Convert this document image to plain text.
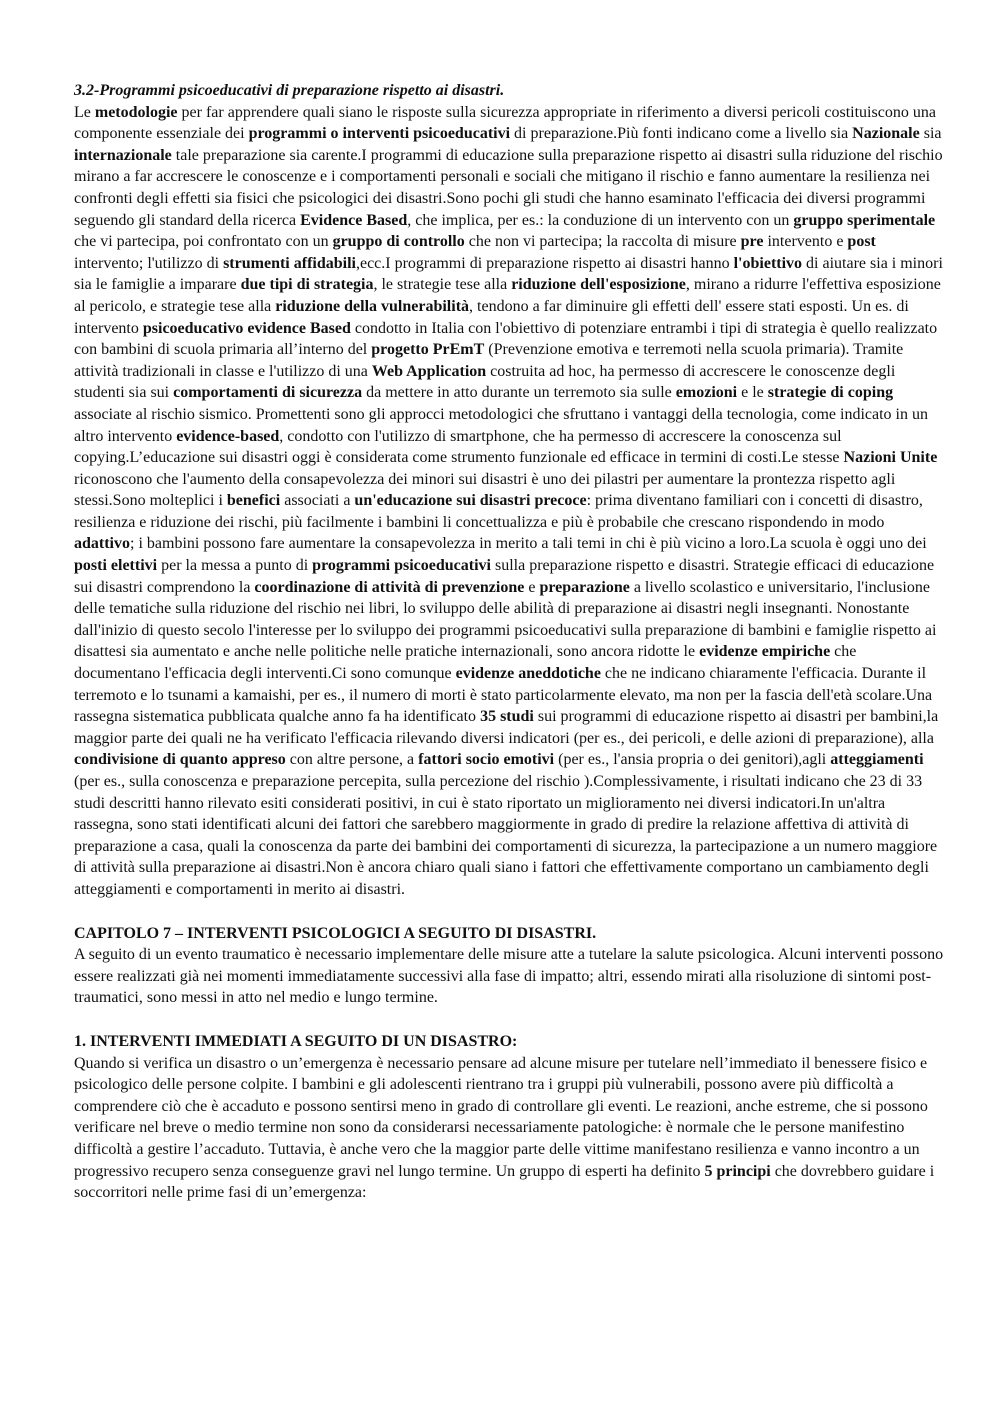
3.2-Programmi psicoeducativi di preparazione rispetto ai disastri.

Le metodologie per far apprendere quali siano le risposte sulla sicurezza appropriate in riferimento a diversi pericoli costituiscono una componente essenziale dei programmi o interventi psicoeducativi di preparazione.Più fonti indicano come a livello sia Nazionale sia internazionale tale preparazione sia carente.I programmi di educazione sulla preparazione rispetto ai disastri sulla riduzione del rischio mirano a far accrescere le conoscenze e i comportamenti personali e sociali che mitigano il rischio e fanno aumentare la resilienza nei confronti degli effetti sia fisici che psicologici dei disastri.Sono pochi gli studi che hanno esaminato l'efficacia dei diversi programmi seguendo gli standard della ricerca Evidence Based, che implica, per es.: la conduzione di un intervento con un gruppo sperimentale che vi partecipa, poi confrontato con un gruppo di controllo che non vi partecipa; la raccolta di misure pre intervento e post intervento; l'utilizzo di strumenti affidabili,ecc.I programmi di preparazione rispetto ai disastri hanno l'obiettivo di aiutare sia i minori sia le famiglie a imparare due tipi di strategia, le strategie tese alla riduzione dell'esposizione, mirano a ridurre l'effettiva esposizione al pericolo, e strategie tese alla riduzione della vulnerabilità, tendono a far diminuire gli effetti dell' essere stati esposti. Un es. di intervento psicoeducativo evidence Based condotto in Italia con l'obiettivo di potenziare entrambi i tipi di strategia è quello realizzato con bambini di scuola primaria all’interno del progetto PrEmT (Prevenzione emotiva e terremoti nella scuola primaria). Tramite attività tradizionali in classe e l'utilizzo di una Web Application costruita ad hoc, ha permesso di accrescere le conoscenze degli studenti sia sui comportamenti di sicurezza da mettere in atto durante un terremoto sia sulle emozioni e le strategie di coping associate al rischio sismico. Promettenti sono gli approcci metodologici che sfruttano i vantaggi della tecnologia, come indicato in un altro intervento evidence-based, condotto con l'utilizzo di smartphone, che ha permesso di accrescere la conoscenza sul copying.L’educazione sui disastri oggi è considerata come strumento funzionale ed efficace in termini di costi.Le stesse Nazioni Unite riconoscono che l'aumento della consapevolezza dei minori sui disastri è uno dei pilastri per aumentare la prontezza rispetto agli stessi.Sono molteplici i benefici associati a un'educazione sui disastri precoce: prima diventano familiari con i concetti di disastro, resilienza e riduzione dei rischi, più facilmente i bambini li concettualizza e più è probabile che crescano rispondendo in modo adattivo; i bambini possono fare aumentare la consapevolezza in merito a tali temi in chi è più vicino a loro.La scuola è oggi uno dei posti elettivi per la messa a punto di programmi psicoeducativi sulla preparazione rispetto e disastri. Strategie efficaci di educazione sui disastri comprendono la coordinazione di attività di prevenzione e preparazione a livello scolastico e universitario, l'inclusione delle tematiche sulla riduzione del rischio nei libri, lo sviluppo delle abilità di preparazione ai disastri negli insegnanti. Nonostante dall'inizio di questo secolo l'interesse per lo sviluppo dei programmi psicoeducativi sulla preparazione di bambini e famiglie rispetto ai disattesi sia aumentato e anche nelle politiche nelle pratiche internazionali, sono ancora ridotte le evidenze empiriche che documentano l'efficacia degli interventi.Ci sono comunque evidenze aneddotiche che ne indicano chiaramente l'efficacia. Durante il terremoto e lo tsunami a kamaishi, per es., il numero di morti è stato particolarmente elevato, ma non per la fascia dell'età scolare.Una rassegna sistematica pubblicata qualche anno fa ha identificato 35 studi sui programmi di educazione rispetto ai disastri per bambini,la maggior parte dei quali ne ha verificato l'efficacia rilevando diversi indicatori (per es., dei pericoli, e delle azioni di preparazione), alla condivisione di quanto appreso con altre persone, a fattori socio emotivi (per es., l'ansia propria o dei genitori),agli atteggiamenti (per es., sulla conoscenza e preparazione percepita, sulla percezione del rischio ).Complessivamente, i risultati indicano che 23 di 33 studi descritti hanno rilevato esiti considerati positivi, in cui è stato riportato un miglioramento nei diversi indicatori.In un'altra rassegna, sono stati identificati alcuni dei fattori che sarebbero maggiormente in grado di predire la relazione affettiva di attività di preparazione a casa, quali la conoscenza da parte dei bambini dei comportamenti di sicurezza, la partecipazione a un numero maggiore di attività sulla preparazione ai disastri.Non è ancora chiaro quali siano i fattori che effettivamente comportano un cambiamento degli atteggiamenti e comportamenti in merito ai disastri.

CAPITOLO 7 – INTERVENTI PSICOLOGICI A SEGUITO DI DISASTRI.

A seguito di un evento traumatico è necessario implementare delle misure atte a tutelare la salute psicologica. Alcuni interventi possono essere realizzati già nei momenti immediatamente successivi alla fase di impatto; altri, essendo mirati alla risoluzione di sintomi post-traumatici, sono messi in atto nel medio e lungo termine.

1. INTERVENTI IMMEDIATI A SEGUITO DI UN DISASTRO:

Quando si verifica un disastro o un’emergenza è necessario pensare ad alcune misure per tutelare nell’immediato il benessere fisico e psicologico delle persone colpite. I bambini e gli adolescenti rientrano tra i gruppi più vulnerabili, possono avere più difficoltà a comprendere ciò che è accaduto e possono sentirsi meno in grado di controllare gli eventi. Le reazioni, anche estreme, che si possono verificare nel breve o medio termine non sono da considerarsi necessariamente patologiche: è normale che le persone manifestino difficoltà a gestire l’accaduto. Tuttavia, è anche vero che la maggior parte delle vittime manifestano resilienza e vanno incontro a un progressivo recupero senza conseguenze gravi nel lungo termine. Un gruppo di esperti ha definito 5 principi che dovrebbero guidare i soccorritori nelle prime fasi di un’emergenza:
